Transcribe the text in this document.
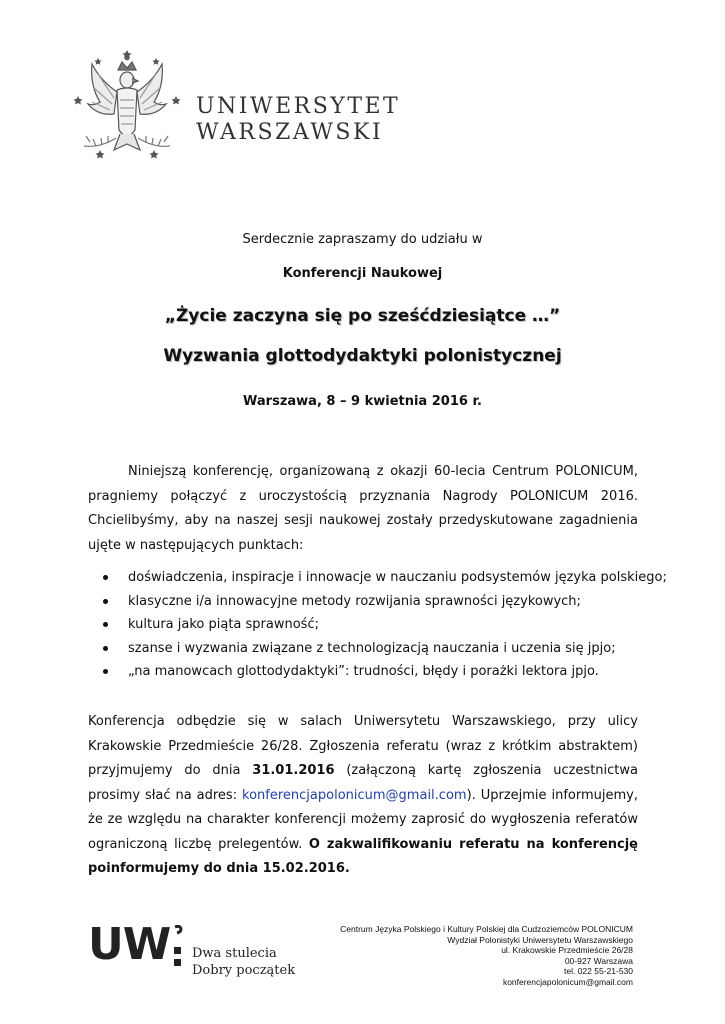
UNIWERSYTET
WARSZAWSKI
Serdecznie zapraszamy do udziału w
Konferencji Naukowej
„Życie zaczyna się po sześćdziesiątce …”
Wyzwania glottodydaktyki polonistycznej
Warszawa, 8 – 9 kwietnia 2016 r.
Niniejszą konferencję, organizowaną z okazji 60-lecia Centrum POLONICUM, pragniemy połączyć z uroczystością przyznania Nagrody POLONICUM 2016. Chcielibyśmy, aby na naszej sesji naukowej zostały przedyskutowane zagadnienia ujęte w następujących punktach:
doświadczenia, inspiracje i innowacje w nauczaniu podsystemów języka polskiego;
klasyczne i/a innowacyjne metody rozwijania sprawności językowych;
kultura jako piąta sprawność;
szanse i wyzwania związane z technologizacją nauczania i uczenia się jpjo;
„na manowcach glottodydaktyki”: trudności, błędy i porażki lektora jpjo.
Konferencja odbędzie się w salach Uniwersytetu Warszawskiego, przy ulicy Krakowskie Przedmieście 26/28. Zgłoszenia referatu (wraz z krótkim abstraktem) przyjmujemy do dnia 31.01.2016 (załączoną kartę zgłoszenia uczestnictwa prosimy słać na adres: konferencjapolonicum@gmail.com). Uprzejmie informujemy, że ze względu na charakter konferencji możemy zaprosić do wygłoszenia referatów ograniczoną liczbę prelegentów. O zakwalifikowaniu referatu na konferencję poinformujemy do dnia 15.02.2016.
UW Dwa stulecia
Dobry początek
Centrum Języka Polskiego i Kultury Polskiej dla Cudzoziemców POLONICUM
Wydział Polonistyki Uniwersytetu Warszawskiego
ul. Krakowskie Przedmieście 26/28
00-927 Warszawa
tel. 022 55-21-530
konferencjapolonicum@gmail.com
